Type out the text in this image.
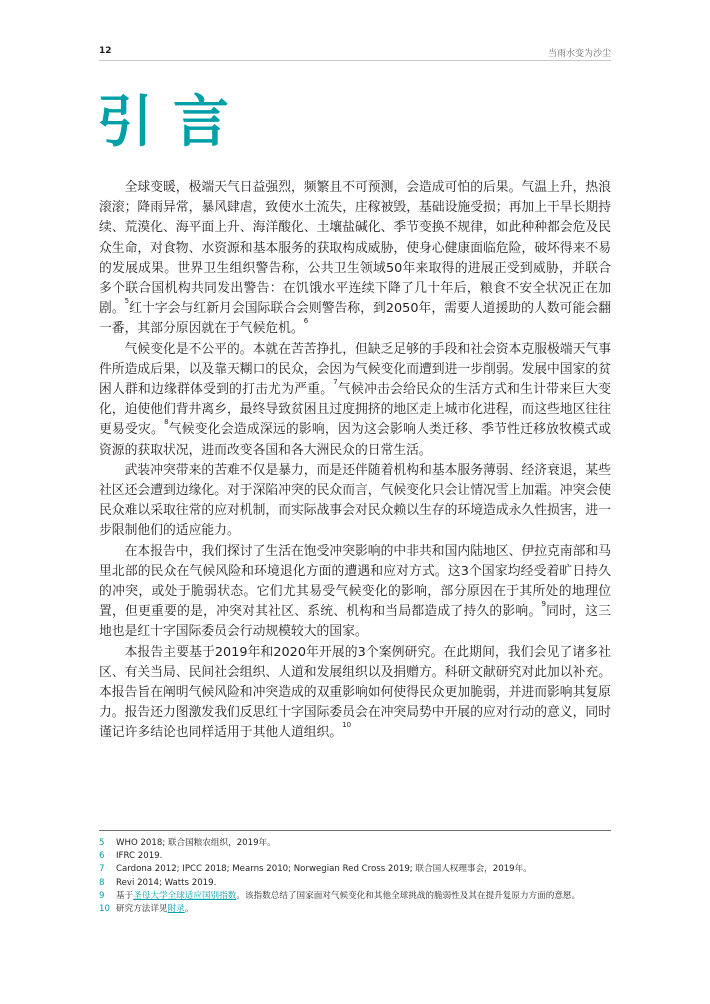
12	当雨水变为沙尘
引言

全球变暖，极端天气日益强烈，频繁且不可预测，会造成可怕的后果。气温上升，热浪滚滚；降雨异常，暴风肆虐，致使水土流失，庄稼被毁，基础设施受损；再加上干旱长期持续、荒漠化、海平面上升、海洋酸化、土壤盐碱化、季节变换不规律，如此种种都会危及民众生命，对食物、水资源和基本服务的获取构成威胁，使身心健康面临危险，破坏得来不易的发展成果。世界卫生组织警告称，公共卫生领域50年来取得的进展正受到威胁，并联合多个联合国机构共同发出警告：在饥饿水平连续下降了几十年后，粮食不安全状况正在加剧。$^5$红十字会与红新月会国际联合会则警告称，到2050年，需要人道援助的人数可能会翻一番，其部分原因就在于气候危机。$^6$

气候变化是不公平的。本就在苦苦挣扎，但缺乏足够的手段和社会资本克服极端天气事件所造成后果，以及靠天糊口的民众，会因为气候变化而遭到进一步削弱。发展中国家的贫困人群和边缘群体受到的打击尤为严重。$^7$气候冲击会给民众的生活方式和生计带来巨大变化，迫使他们背井离乡，最终导致贫困且过度拥挤的地区走上城市化进程，而这些地区往往更易受灾。$^8$气候变化会造成深远的影响，因为这会影响人类迁移、季节性迁移放牧模式或资源的获取状况，进而改变各国和各大洲民众的日常生活。

武装冲突带来的苦难不仅是暴力，而是还伴随着机构和基本服务薄弱、经济衰退，某些社区还会遭到边缘化。对于深陷冲突的民众而言，气候变化只会让情况雪上加霜。冲突会使民众难以采取往常的应对机制，而实际战事会对民众赖以生存的环境造成永久性损害，进一步限制他们的适应能力。

在本报告中，我们探讨了生活在饱受冲突影响的中非共和国内陆地区、伊拉克南部和马里北部的民众在气候风险和环境退化方面的遭遇和应对方式。这3个国家均经受着旷日持久的冲突，或处于脆弱状态。它们尤其易受气候变化的影响，部分原因在于其所处的地理位置，但更重要的是，冲突对其社区、系统、机构和当局都造成了持久的影响。$^9$同时，这三地也是红十字国际委员会行动规模较大的国家。

本报告主要基于2019年和2020年开展的3个案例研究。在此期间，我们会见了诸多社区、有关当局、民间社会组织、人道和发展组织以及捐赠方。科研文献研究对此加以补充。本报告旨在阐明气候风险和冲突造成的双重影响如何使得民众更加脆弱，并进而影响其复原力。报告还力图激发我们反思红十字国际委员会在冲突局势中开展的应对行动的意义，同时谨记许多结论也同样适用于其他人道组织。$^{10}$

5	WHO 2018; 联合国粮农组织，2019年。
6	IFRC 2019.
7	Cardona 2012; IPCC 2018; Mearns 2010; Norwegian Red Cross 2019; 联合国人权理事会，2019年。
8	Revi 2014; Watts 2019.
9	基于圣母大学全球适应国别指数。该指数总结了国家面对气候变化和其他全球挑战的脆弱性及其在提升复原力方面的意愿。
10 研究方法详见附录。
